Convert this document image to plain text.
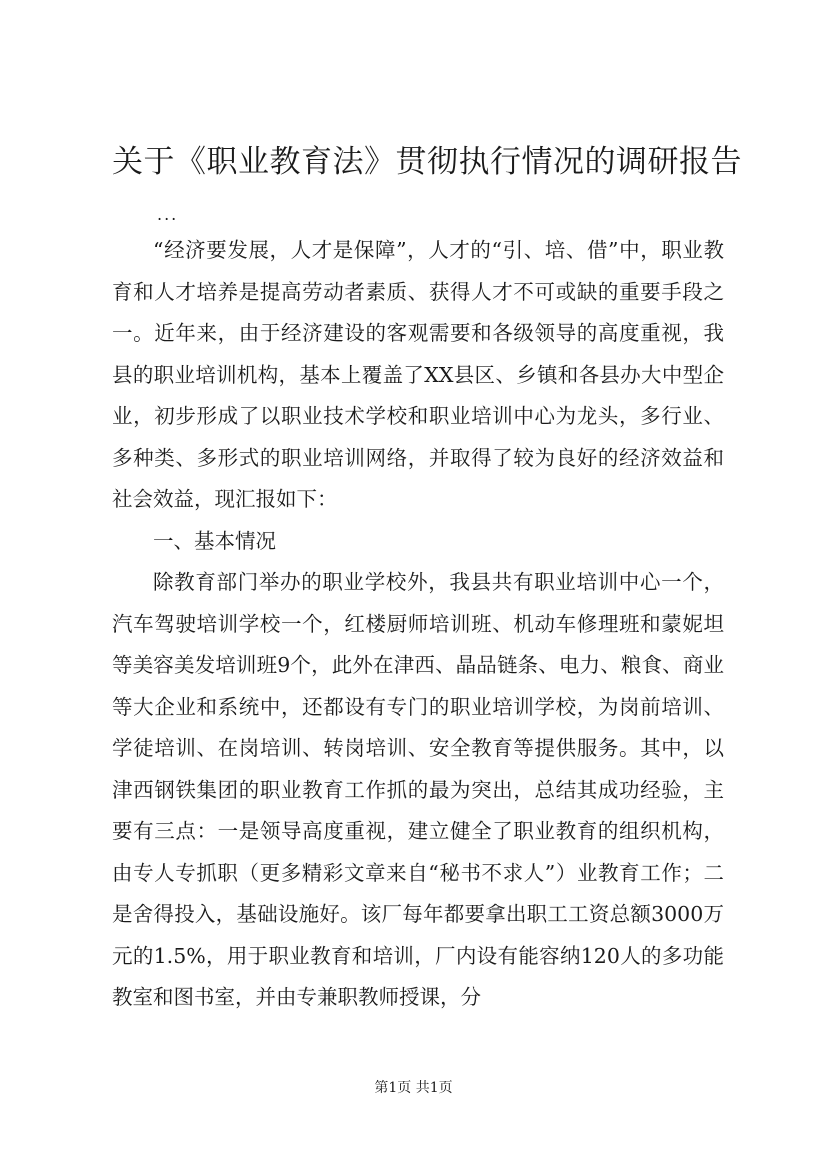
关于《职业教育法》贯彻执行情况的调研报告
...

“经济要发展，人才是保障”，人才的“引、培、借”中，职业教育和人才培养是提高劳动者素质、获得人才不可或缺的重要手段之一。近年来，由于经济建设的客观需要和各级领导的高度重视，我县的职业培训机构，基本上覆盖了XX县区、乡镇和各县办大中型企业，初步形成了以职业技术学校和职业培训中心为龙头，多行业、多种类、多形式的职业培训网络，并取得了较为良好的经济效益和社会效益，现汇报如下：

一、基本情况

除教育部门举办的职业学校外，我县共有职业培训中心一个，汽车驾驶培训学校一个，红楼厨师培训班、机动车修理班和蒙妮坦等美容美发培训班9个，此外在津西、晶品链条、电力、粮食、商业等大企业和系统中，还都设有专门的职业培训学校，为岗前培训、学徒培训、在岗培训、转岗培训、安全教育等提供服务。其中，以津西钢铁集团的职业教育工作抓的最为突出，总结其成功经验，主要有三点：一是领导高度重视，建立健全了职业教育的组织机构，由专人专抓职（更多精彩文章来自“秘书不求人”）业教育工作；二是舍得投入，基础设施好。该厂每年都要拿出职工工资总额3000万元的1.5%，用于职业教育和培训，厂内设有能容纳120人的多功能教室和图书室，并由专兼职教师授课，分

第1页 共1页
